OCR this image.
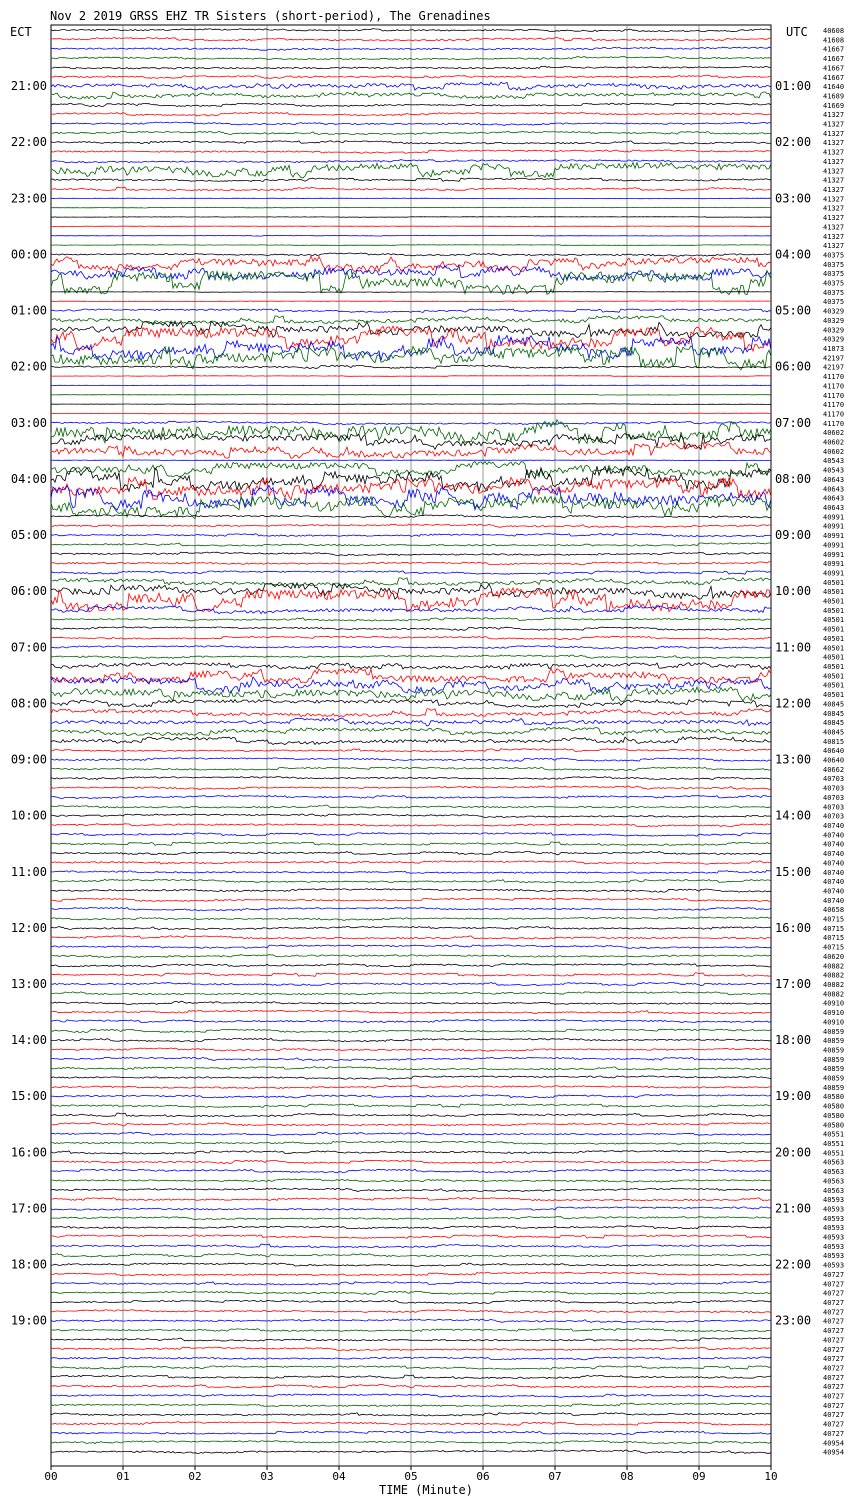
Nov 2 2019 GRSS EHZ TR Sisters (short-period), The Grenadines
ECT	UTC
00	01	02	03	04	05	06	07	08	09	10
40608
41608
41667
41667
41667
41667
41640
41689
41669
41327
41327
41327
41327
41327
41327
41327
41327
41327
41327
41327
41327
41327
41327
41327
40375
40375
40375
40375
40375
40375
40329
40329
40329
40329
41873
42197
42197
41170
41170
41170
41170
41170
41170
40602
40602
40602
40543
40543
40643
40643
40643
40643
40991
40991
40991
40991
40991
40991
40991
40501
40501
40501
40501
40501
40501
40501
40501
40501
40501
40501
40501
40501
40845
40845
40845
40845
40815
40640
40640
40662
40703
40703
40703
40703
40703
40740
40740
40740
40740
40740
40740
40740
40740
40740
40658
40715
40715
40715
40715
40620
40882
40882
40882
40882
40910
40910
40910
40859
40859
40859
40859
40859
40859
40859
40580
40580
40580
40580
40551
40551
40551
40563
40563
40563
40563
40593
40593
40593
40593
40593
40593
40593
40593
40727
40727
40727
40727
40727
40727
40727
40727
40727
40727
40727
40727
40727
40727
40727
40727
40727
40727
40954
40954
21:00
22:00
23:00
00:00
01:00
02:00
03:00
04:00
05:00
06:00
07:00
08:00
09:00
10:00
11:00
12:00
13:00
14:00
15:00
16:00
17:00
18:00
19:00
01:00
02:00
03:00
04:00
05:00
06:00
07:00
08:00
09:00
10:00
11:00
12:00
13:00
14:00
15:00
16:00
17:00
18:00
19:00
20:00
21:00
22:00
23:00
TIME (Minute)
